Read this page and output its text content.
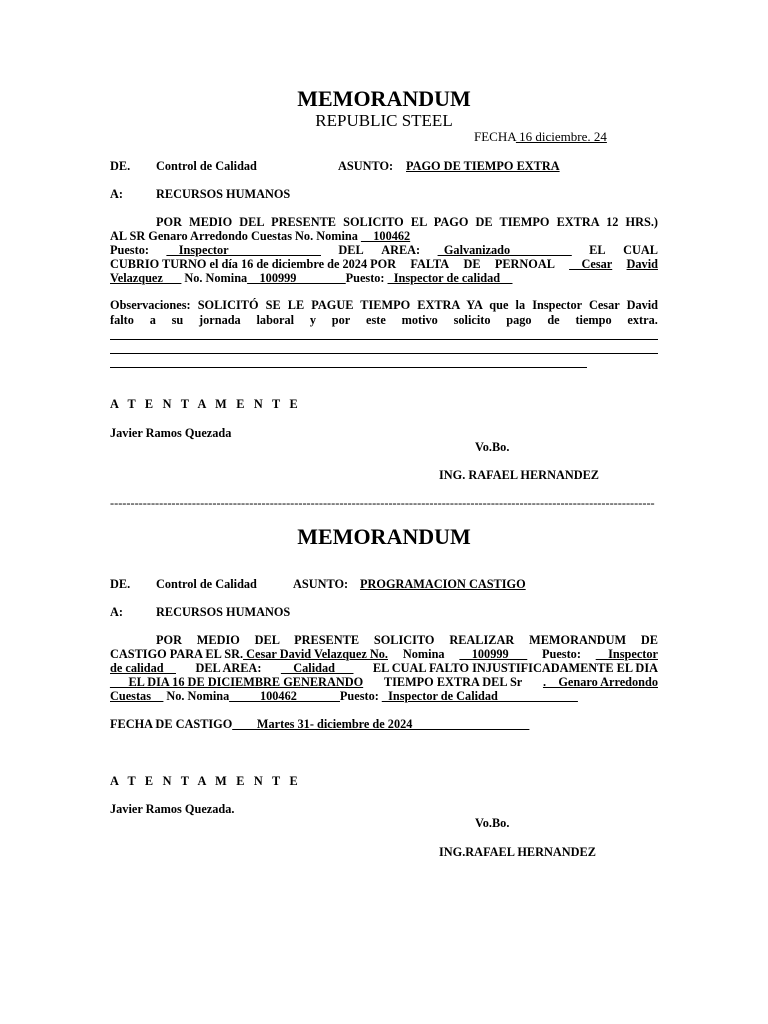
MEMORANDUM
REPUBLIC STEEL
FECHA 16 diciembre. 24
DE. Control de Calidad	ASUNTO: PAGO DE TIEMPO EXTRA
A:	RECURSOS HUMANOS
POR MEDIO DEL PRESENTE SOLICITO EL PAGO DE TIEMPO EXTRA 12 HRS.)
AL SR Genaro Arredondo Cuestas No. Nomina __100462
Puesto: __Inspector_______________ DEL AREA: _Galvanizado__________ EL CUAL
CUBRIO TURNO el día 16 de diciembre de 2024 POR FALTA DE PERNOAL __Cesar David
Velazquez___ No. Nomina__100999________Puesto: _Inspector de calidad__
Observaciones: SOLICITÓ SE LE PAGUE TIEMPO EXTRA YA que la Inspector Cesar David
falto a su jornada laboral y por este motivo solicito pago de tiempo extra.
A T E N T A M E N T E
Javier Ramos Quezada
Vo.Bo.
ING. RAFAEL HERNANDEZ
-------------------------------------------------------------------------------------------------------------------------------------
MEMORANDUM
DE. Control de Calidad	ASUNTO: PROGRAMACION CASTIGO
A:	RECURSOS HUMANOS
POR MEDIO DEL PRESENTE SOLICITO REALIZAR MEMORANDUM DE
CASTIGO PARA EL SR. Cesar David Velazquez No. Nomina __100999___ Puesto: __Inspector
de calidad__ DEL AREA: __Calidad___ EL CUAL FALTO INJUSTIFICADAMENTE EL DIA
___EL DIA 16 DE DICIEMBRE GENERANDO TIEMPO EXTRA DEL Sr .__Genaro Arredondo
Cuestas__ No. Nomina_____100462_______Puesto: _Inspector de Calidad_____________
FECHA DE CASTIGO____Martes 31- diciembre de 2024___________________
A T E N T A M E N T E
Javier Ramos Quezada.
Vo.Bo.
ING.RAFAEL HERNANDEZ
